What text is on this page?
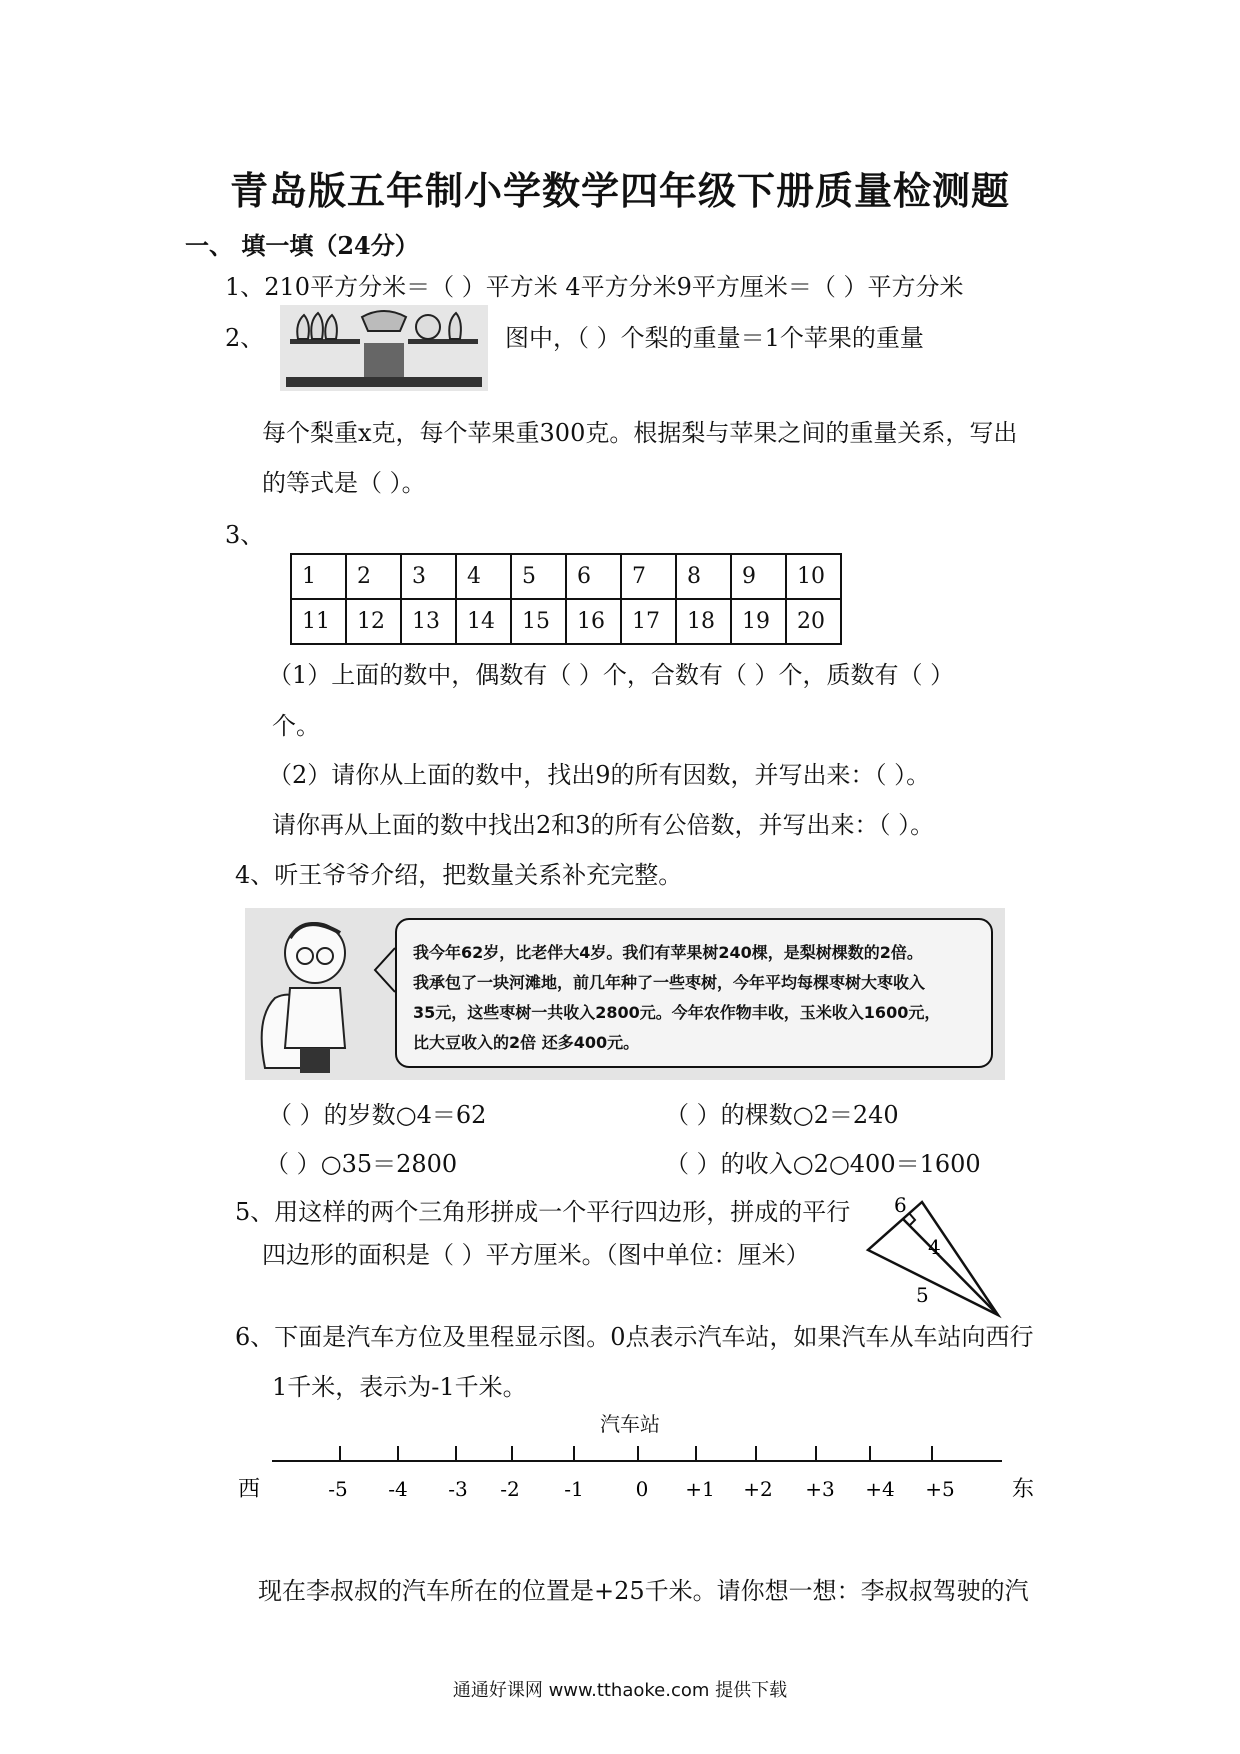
青岛版五年制小学数学四年级下册质量检测题
一、 填一填（24分）
1、210平方分米＝（ ）平方米 4平方分米9平方厘米＝（ ）平方分米
2、	图中，（ ）个梨的重量＝1个苹果的重量
每个梨重x克，每个苹果重300克。根据梨与苹果之间的重量关系，写出
的等式是（ ）。
3、
1	2	3	4	5	6	7	8	9	10
11	12	13	14	15	16	17	18	19	20
（1）上面的数中，偶数有（ ）个，合数有（ ）个，质数有（ ）
个。
（2）请你从上面的数中，找出9的所有因数，并写出来：（ ）。
请你再从上面的数中找出2和3的所有公倍数，并写出来：（ ）。
4、听王爷爷介绍，把数量关系补充完整。
我今年62岁，比老伴大4岁。我们有苹果树240棵，是梨树棵数的2倍。
我承包了一块河滩地，前几年种了一些枣树，今年平均每棵枣树大枣收入
35元，这些枣树一共收入2800元。今年农作物丰收，玉米收入1600元，
比大豆收入的2倍 还多400元。
（ ）的岁数○4＝62	（ ）的棵数○2＝240
（ ）○35＝2800	（ ）的收入○2○400＝1600
5、用这样的两个三角形拼成一个平行四边形，拼成的平行
四边形的面积是（ ）平方厘米。（图中单位：厘米）
6
4
5
6、下面是汽车方位及里程显示图。0点表示汽车站，如果汽车从车站向西行
1千米，表示为-1千米。
汽车站
-5 -4 -3 -2 -1	0 +1 +2 +3 +4 +5
西	东
现在李叔叔的汽车所在的位置是+25千米。请你想一想：李叔叔驾驶的汽
通通好课网 www.tthaoke.com 提供下载
